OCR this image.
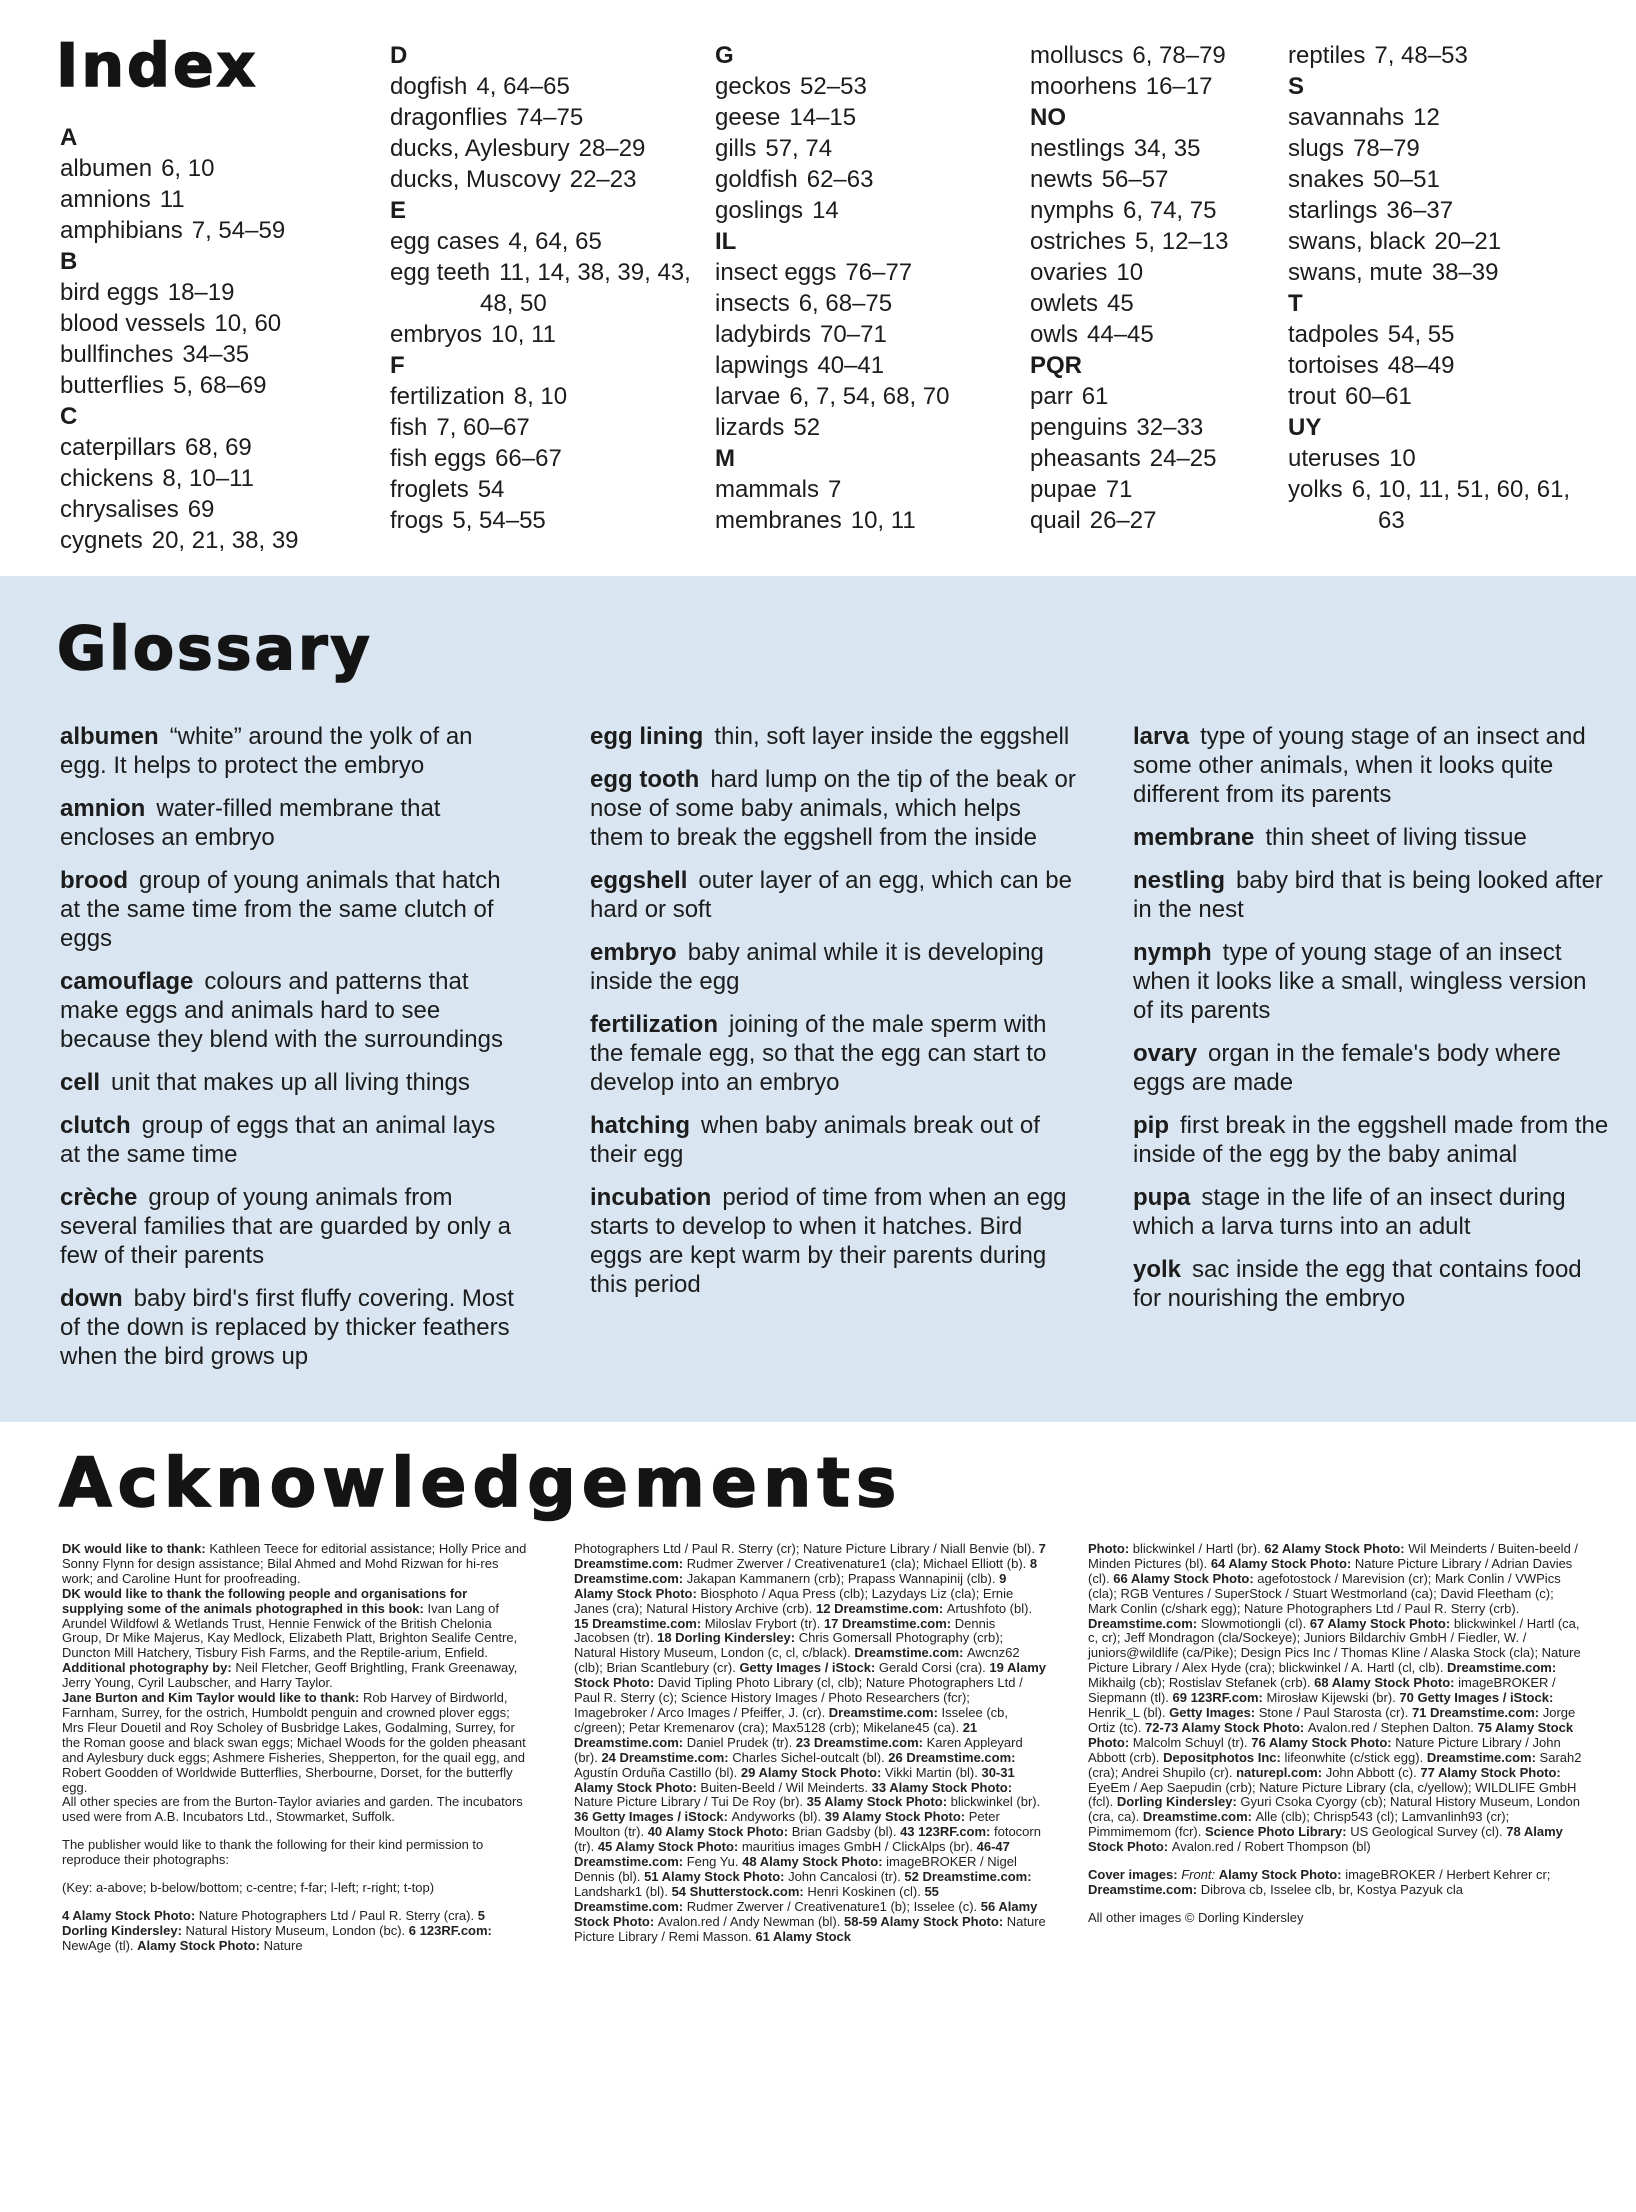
Index
A
albumen 6, 10
amnions 11
amphibians 7, 54–59
B
bird eggs 18–19
blood vessels 10, 60
bullfinches 34–35
butterflies 5, 68–69
C
caterpillars 68, 69
chickens 8, 10–11
chrysalises 69
cygnets 20, 21, 38, 39
D
dogfish 4, 64–65
dragonflies 74–75
ducks, Aylesbury 28–29
ducks, Muscovy 22–23
E
egg cases 4, 64, 65
egg teeth 11, 14, 38, 39, 43, 48, 50
embryos 10, 11
F
fertilization 8, 10
fish 7, 60–67
fish eggs 66–67
froglets 54
frogs 5, 54–55
G
geckos 52–53
geese 14–15
gills 57, 74
goldfish 62–63
goslings 14
IL
insect eggs 76–77
insects 6, 68–75
ladybirds 70–71
lapwings 40–41
larvae 6, 7, 54, 68, 70
lizards 52
M
mammals 7
membranes 10, 11
molluscs 6, 78–79
moorhens 16–17
NO
nestlings 34, 35
newts 56–57
nymphs 6, 74, 75
ostriches 5, 12–13
ovaries 10
owlets 45
owls 44–45
PQR
parr 61
penguins 32–33
pheasants 24–25
pupae 71
quail 26–27
reptiles 7, 48–53
S
savannahs 12
slugs 78–79
snakes 50–51
starlings 36–37
swans, black 20–21
swans, mute 38–39
T
tadpoles 54, 55
tortoises 48–49
trout 60–61
UY
uteruses 10
yolks 6, 10, 11, 51, 60, 61, 63
Glossary

albumen “white” around the yolk of an egg. It helps to protect the embryo

amnion water-filled membrane that encloses an embryo

brood group of young animals that hatch at the same time from the same clutch of eggs

camouflage colours and patterns that make eggs and animals hard to see because they blend with the surroundings

cell unit that makes up all living things

clutch group of eggs that an animal lays at the same time

crèche group of young animals from several families that are guarded by only a few of their parents

down baby bird's first fluffy covering. Most of the down is replaced by thicker feathers when the bird grows up

egg lining thin, soft layer inside the eggshell

egg tooth hard lump on the tip of the beak or nose of some baby animals, which helps them to break the eggshell from the inside

eggshell outer layer of an egg, which can be hard or soft

embryo baby animal while it is developing inside the egg

fertilization joining of the male sperm with the female egg, so that the egg can start to develop into an embryo

hatching when baby animals break out of their egg

incubation period of time from when an egg starts to develop to when it hatches. Bird eggs are kept warm by their parents during this period

larva type of young stage of an insect and some other animals, when it looks quite different from its parents

membrane thin sheet of living tissue

nestling baby bird that is being looked after in the nest

nymph type of young stage of an insect when it looks like a small, wingless version of its parents

ovary organ in the female's body where eggs are made

pip first break in the eggshell made from the inside of the egg by the baby animal

pupa stage in the life of an insect during which a larva turns into an adult

yolk sac inside the egg that contains food for nourishing the embryo

Acknowledgements

DK would like to thank: Kathleen Teece for editorial assistance; Holly Price and Sonny Flynn for design assistance; Bilal Ahmed and Mohd Rizwan for hi-res work; and Caroline Hunt for proofreading.

DK would like to thank the following people and organisations for supplying some of the animals photographed in this book: Ivan Lang of Arundel Wildfowl & Wetlands Trust, Hennie Fenwick of the British Chelonia Group, Dr Mike Majerus, Kay Medlock, Elizabeth Platt, Brighton Sealife Centre, Duncton Mill Hatchery, Tisbury Fish Farms, and the Reptile-arium, Enfield.

Additional photography by: Neil Fletcher, Geoff Brightling, Frank Greenaway, Jerry Young, Cyril Laubscher, and Harry Taylor.

Jane Burton and Kim Taylor would like to thank: Rob Harvey of Birdworld, Farnham, Surrey, for the ostrich, Humboldt penguin and crowned plover eggs; Mrs Fleur Douetil and Roy Scholey of Busbridge Lakes, Godalming, Surrey, for the Roman goose and black swan eggs; Michael Woods for the golden pheasant and Aylesbury duck eggs; Ashmere Fisheries, Shepperton, for the quail egg, and Robert Goodden of Worldwide Butterflies, Sherbourne, Dorset, for the butterfly egg.

All other species are from the Burton-Taylor aviaries and garden. The incubators used were from A.B. Incubators Ltd., Stowmarket, Suffolk.

The publisher would like to thank the following for their kind permission to reproduce their photographs:

(Key: a-above; b-below/bottom; c-centre; f-far; l-left; r-right; t-top)

4 Alamy Stock Photo: Nature Photographers Ltd / Paul R. Sterry (cra). 5 Dorling Kindersley: Natural History Museum, London (bc). 6 123RF.com: NewAge (tl). Alamy Stock Photo: Nature

Photographers Ltd / Paul R. Sterry (cr); Nature Picture Library / Niall Benvie (bl). 7 Dreamstime.com: Rudmer Zwerver / Creativenature1 (cla); Michael Elliott (b). 8 Dreamstime.com: Jakapan Kammanern (crb); Prapass Wannapinij (clb). 9 Alamy Stock Photo: Biosphoto / Aqua Press (clb); Lazydays Liz (cla); Ernie Janes (cra); Natural History Archive (crb). 12 Dreamstime.com: Artushfoto (bl). 15 Dreamstime.com: Miloslav Frybort (tr). 17 Dreamstime.com: Dennis Jacobsen (tr). 18 Dorling Kindersley: Chris Gomersall Photography (crb); Natural History Museum, London (c, cl, c/black). Dreamstime.com: Awcnz62 (clb); Brian Scantlebury (cr). Getty Images / iStock: Gerald Corsi (cra). 19 Alamy Stock Photo: David Tipling Photo Library (cl, clb); Nature Photographers Ltd / Paul R. Sterry (c); Science History Images / Photo Researchers (fcr); Imagebroker / Arco Images / Pfeiffer, J. (cr). Dreamstime.com: Isselee (cb, c/green); Petar Kremenarov (cra); Max5128 (crb); Mikelane45 (ca). 21 Dreamstime.com: Daniel Prudek (tr). 23 Dreamstime.com: Karen Appleyard (br). 24 Dreamstime.com: Charles Sichel-outcalt (bl). 26 Dreamstime.com: Agustín Orduña Castillo (bl). 29 Alamy Stock Photo: Vikki Martin (bl). 30-31 Alamy Stock Photo: Buiten-Beeld / Wil Meinderts. 33 Alamy Stock Photo: Nature Picture Library / Tui De Roy (br). 35 Alamy Stock Photo: blickwinkel (br). 36 Getty Images / iStock: Andyworks (bl). 39 Alamy Stock Photo: Peter Moulton (tr). 40 Alamy Stock Photo: Brian Gadsby (bl). 43 123RF.com: fotocorn (tr). 45 Alamy Stock Photo: mauritius images GmbH / ClickAlps (br). 46-47 Dreamstime.com: Feng Yu. 48 Alamy Stock Photo: imageBROKER / Nigel Dennis (bl). 51 Alamy Stock Photo: John Cancalosi (tr). 52 Dreamstime.com: Landshark1 (bl). 54 Shutterstock.com: Henri Koskinen (cl). 55 Dreamstime.com: Rudmer Zwerver / Creativenature1 (b); Isselee (c). 56 Alamy Stock Photo: Avalon.red / Andy Newman (bl). 58-59 Alamy Stock Photo: Nature Picture Library / Remi Masson. 61 Alamy Stock

Photo: blickwinkel / Hartl (br). 62 Alamy Stock Photo: Wil Meinderts / Buiten-beeld / Minden Pictures (bl). 64 Alamy Stock Photo: Nature Picture Library / Adrian Davies (cl). 66 Alamy Stock Photo: agefotostock / Marevision (cr); Mark Conlin / VWPics (cla); RGB Ventures / SuperStock / Stuart Westmorland (ca); David Fleetham (c); Mark Conlin (c/shark egg); Nature Photographers Ltd / Paul R. Sterry (crb). Dreamstime.com: Slowmotiongli (cl). 67 Alamy Stock Photo: blickwinkel / Hartl (ca, c, cr); Jeff Mondragon (cla/Sockeye); Juniors Bildarchiv GmbH / Fiedler, W. / juniors@wildlife (ca/Pike); Design Pics Inc / Thomas Kline / Alaska Stock (cla); Nature Picture Library / Alex Hyde (cra); blickwinkel / A. Hartl (cl, clb). Dreamstime.com: Mikhailg (cb); Rostislav Stefanek (crb). 68 Alamy Stock Photo: imageBROKER / Siepmann (tl). 69 123RF.com: Mirosław Kijewski (br). 70 Getty Images / iStock: Henrik_L (bl). Getty Images: Stone / Paul Starosta (cr). 71 Dreamstime.com: Jorge Ortiz (tc). 72-73 Alamy Stock Photo: Avalon.red / Stephen Dalton. 75 Alamy Stock Photo: Malcolm Schuyl (tr). 76 Alamy Stock Photo: Nature Picture Library / John Abbott (crb). Depositphotos Inc: lifeonwhite (c/stick egg). Dreamstime.com: Sarah2 (cra); Andrei Shupilo (cr). naturepl.com: John Abbott (c). 77 Alamy Stock Photo: EyeEm / Aep Saepudin (crb); Nature Picture Library (cla, c/yellow); WILDLIFE GmbH (fcl). Dorling Kindersley: Gyuri Csoka Cyorgy (cb); Natural History Museum, London (cra, ca). Dreamstime.com: Alle (clb); Chrisp543 (cl); Lamvanlinh93 (cr); Pimmimemom (fcr). Science Photo Library: US Geological Survey (cl). 78 Alamy Stock Photo: Avalon.red / Robert Thompson (bl)

Cover images: Front: Alamy Stock Photo: imageBROKER / Herbert Kehrer cr; Dreamstime.com: Dibrova cb, Isselee clb, br, Kostya Pazyuk cla

All other images © Dorling Kindersley
